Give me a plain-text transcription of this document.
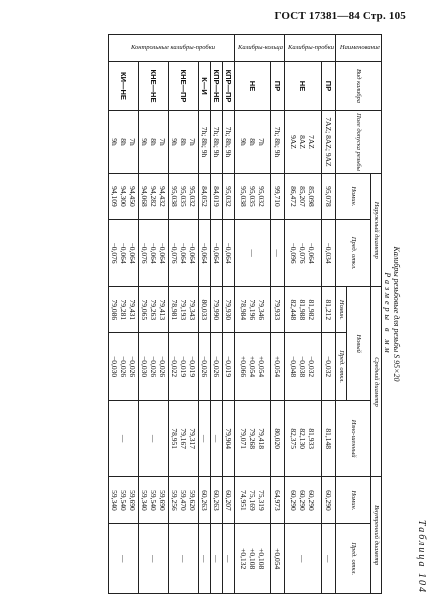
ГОСТ 17381—84 Стр. 105
Таблица 104
Калибры резьбовые для резьбы S 95×20
Размеры в мм
Наименование	Вид калибра	Поле допуска резьбы	Наружный диаметр		Средний диаметр			Внутренний диаметр	
			Номин.	Пред. откл.	Новый		Изно-шенный	Номин.	Пред. откл.
					Номин.	Пред. откл.			
Калибры-пробки	ПР	7AZ; 8AZ; 9AZ	95,078	−0,034	81,212	−0,032	81,148	60,290	—
	НЕ	7AZ
8AZ
9AZ	85,098
85,207
86,472	−0,064
−0,076
−0,096	81,982
81,988
82,448	−0,032
−0,038
−0,048	81,933
82,130
82,375	60,290
60,290
60,290	—
Калибры-кольца	ПР	7h; 8h; 9h	99,710	—	79,933	+0,054	80,020	64,973	+0,054
	НЕ	7h
8h
9h	95,032
95,035
95,038	—	79,346
79,196
78,984	+0,054
+0,054
+0,066	79,418
79,268
79,071	75,319
75,169
74,951	+0,108
+0,108
+0,132
Контрольные калибры-пробки	КПР—ПР	7h; 8h; 9h	95,032	−0,064	79,930	−0,019	79,904	60,207	—
	КПР—НЕ	7h; 8h; 9h	84,019	−0,064	79,990	−0,026	—	60,263	—
	К—И	7h; 8h; 9h	84,052	−0,064	80,033	−0,026	—	60,263	—
	КНЕ—ПР	7h
8h
9h	95,032
95,035
95,038	−0,064
−0,064
−0,076	79,343
79,193
78,981	−0,019
−0,019
−0,022	79,317
79,167
78,951	59,620
59,470
59,256	—
	КНЕ—НЕ	7h
8h
9h	94,432
94,282
94,068	−0,064
−0,064
−0,076	79,413
79,263
79,065	−0,026
−0,026
−0,030	—	59,690
59,540
59,340	—
	КИ—НЕ	7h
8h
9h	94,450
94,300
94,109	−0,064
−0,064
−0,076	79,431
79,281
79,086	−0,026
−0,026
−0,030	—	59,690
59,540
59,340	—
